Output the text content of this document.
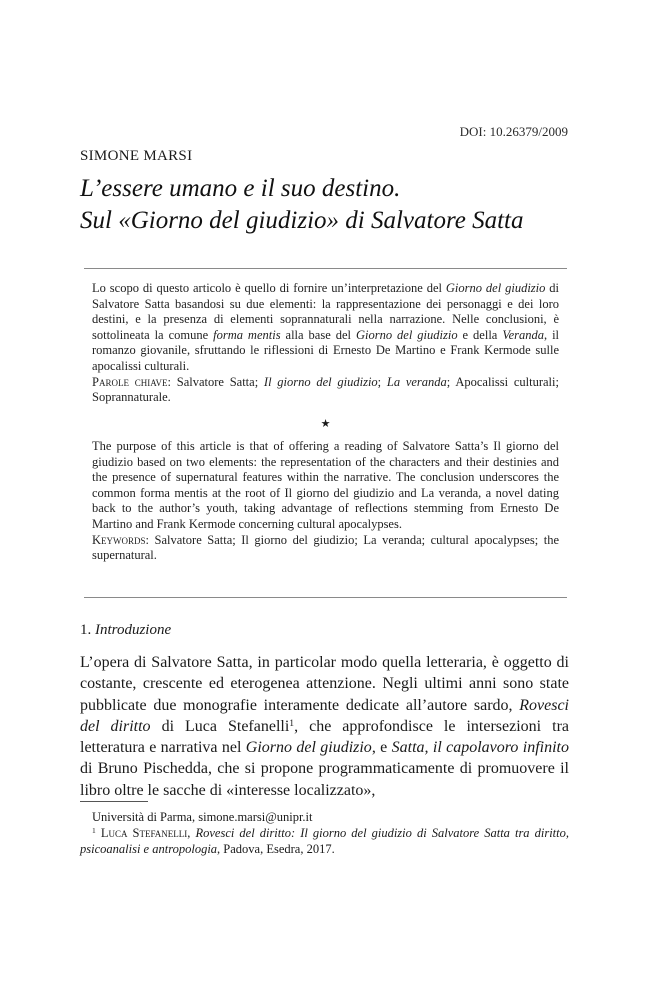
DOI: 10.26379/2009
SIMONE MARSI
L’essere umano e il suo destino.
Sul «Giorno del giudizio» di Salvatore Satta

Lo scopo di questo articolo è quello di fornire un’interpretazione del Giorno del giudizio di Salvatore Satta basandosi su due elementi: la rappresentazione dei personaggi e dei loro destini, e la presenza di elementi soprannaturali nella narrazione. Nelle conclusioni, è sottolineata la comune forma mentis alla base del Giorno del giudizio e della Veranda, il romanzo giovanile, sfruttando le riflessioni di Ernesto De Martino e Frank Kermode sulle apocalissi culturali.

Parole chiave: Salvatore Satta; Il giorno del giudizio; La veranda; Apocalissi culturali; Soprannaturale.

★

The purpose of this article is that of offering a reading of Salvatore Satta’s Il giorno del giudizio based on two elements: the representation of the characters and their destinies and the presence of supernatural features within the narrative. The conclusion underscores the common forma mentis at the root of Il giorno del giudizio and La veranda, a novel dating back to the author’s youth, taking advantage of reflections stemming from Ernesto De Martino and Frank Kermode concerning cultural apocalypses.

Keywords: Salvatore Satta; Il giorno del giudizio; La veranda; cultural apocalypses; the supernatural.

1. Introduzione

L’opera di Salvatore Satta, in particolar modo quella letteraria, è oggetto di costante, crescente ed eterogenea attenzione. Negli ultimi anni sono state pubblicate due monografie interamente dedicate all’autore sardo, Rovesci del diritto di Luca Stefanelli$^1$, che approfondisce le intersezioni tra letteratura e narrativa nel Giorno del giudizio, e Satta, il capolavoro infinito di Bruno Pischedda, che si propone programmaticamente di promuovere il libro oltre le sacche di «interesse localizzato»,

Università di Parma, simone.marsi@unipr.it
$^1$ Luca Stefanelli, Rovesci del diritto: Il giorno del giudizio di Salvatore Satta tra diritto, psicoanalisi e antropologia, Padova, Esedra, 2017.
